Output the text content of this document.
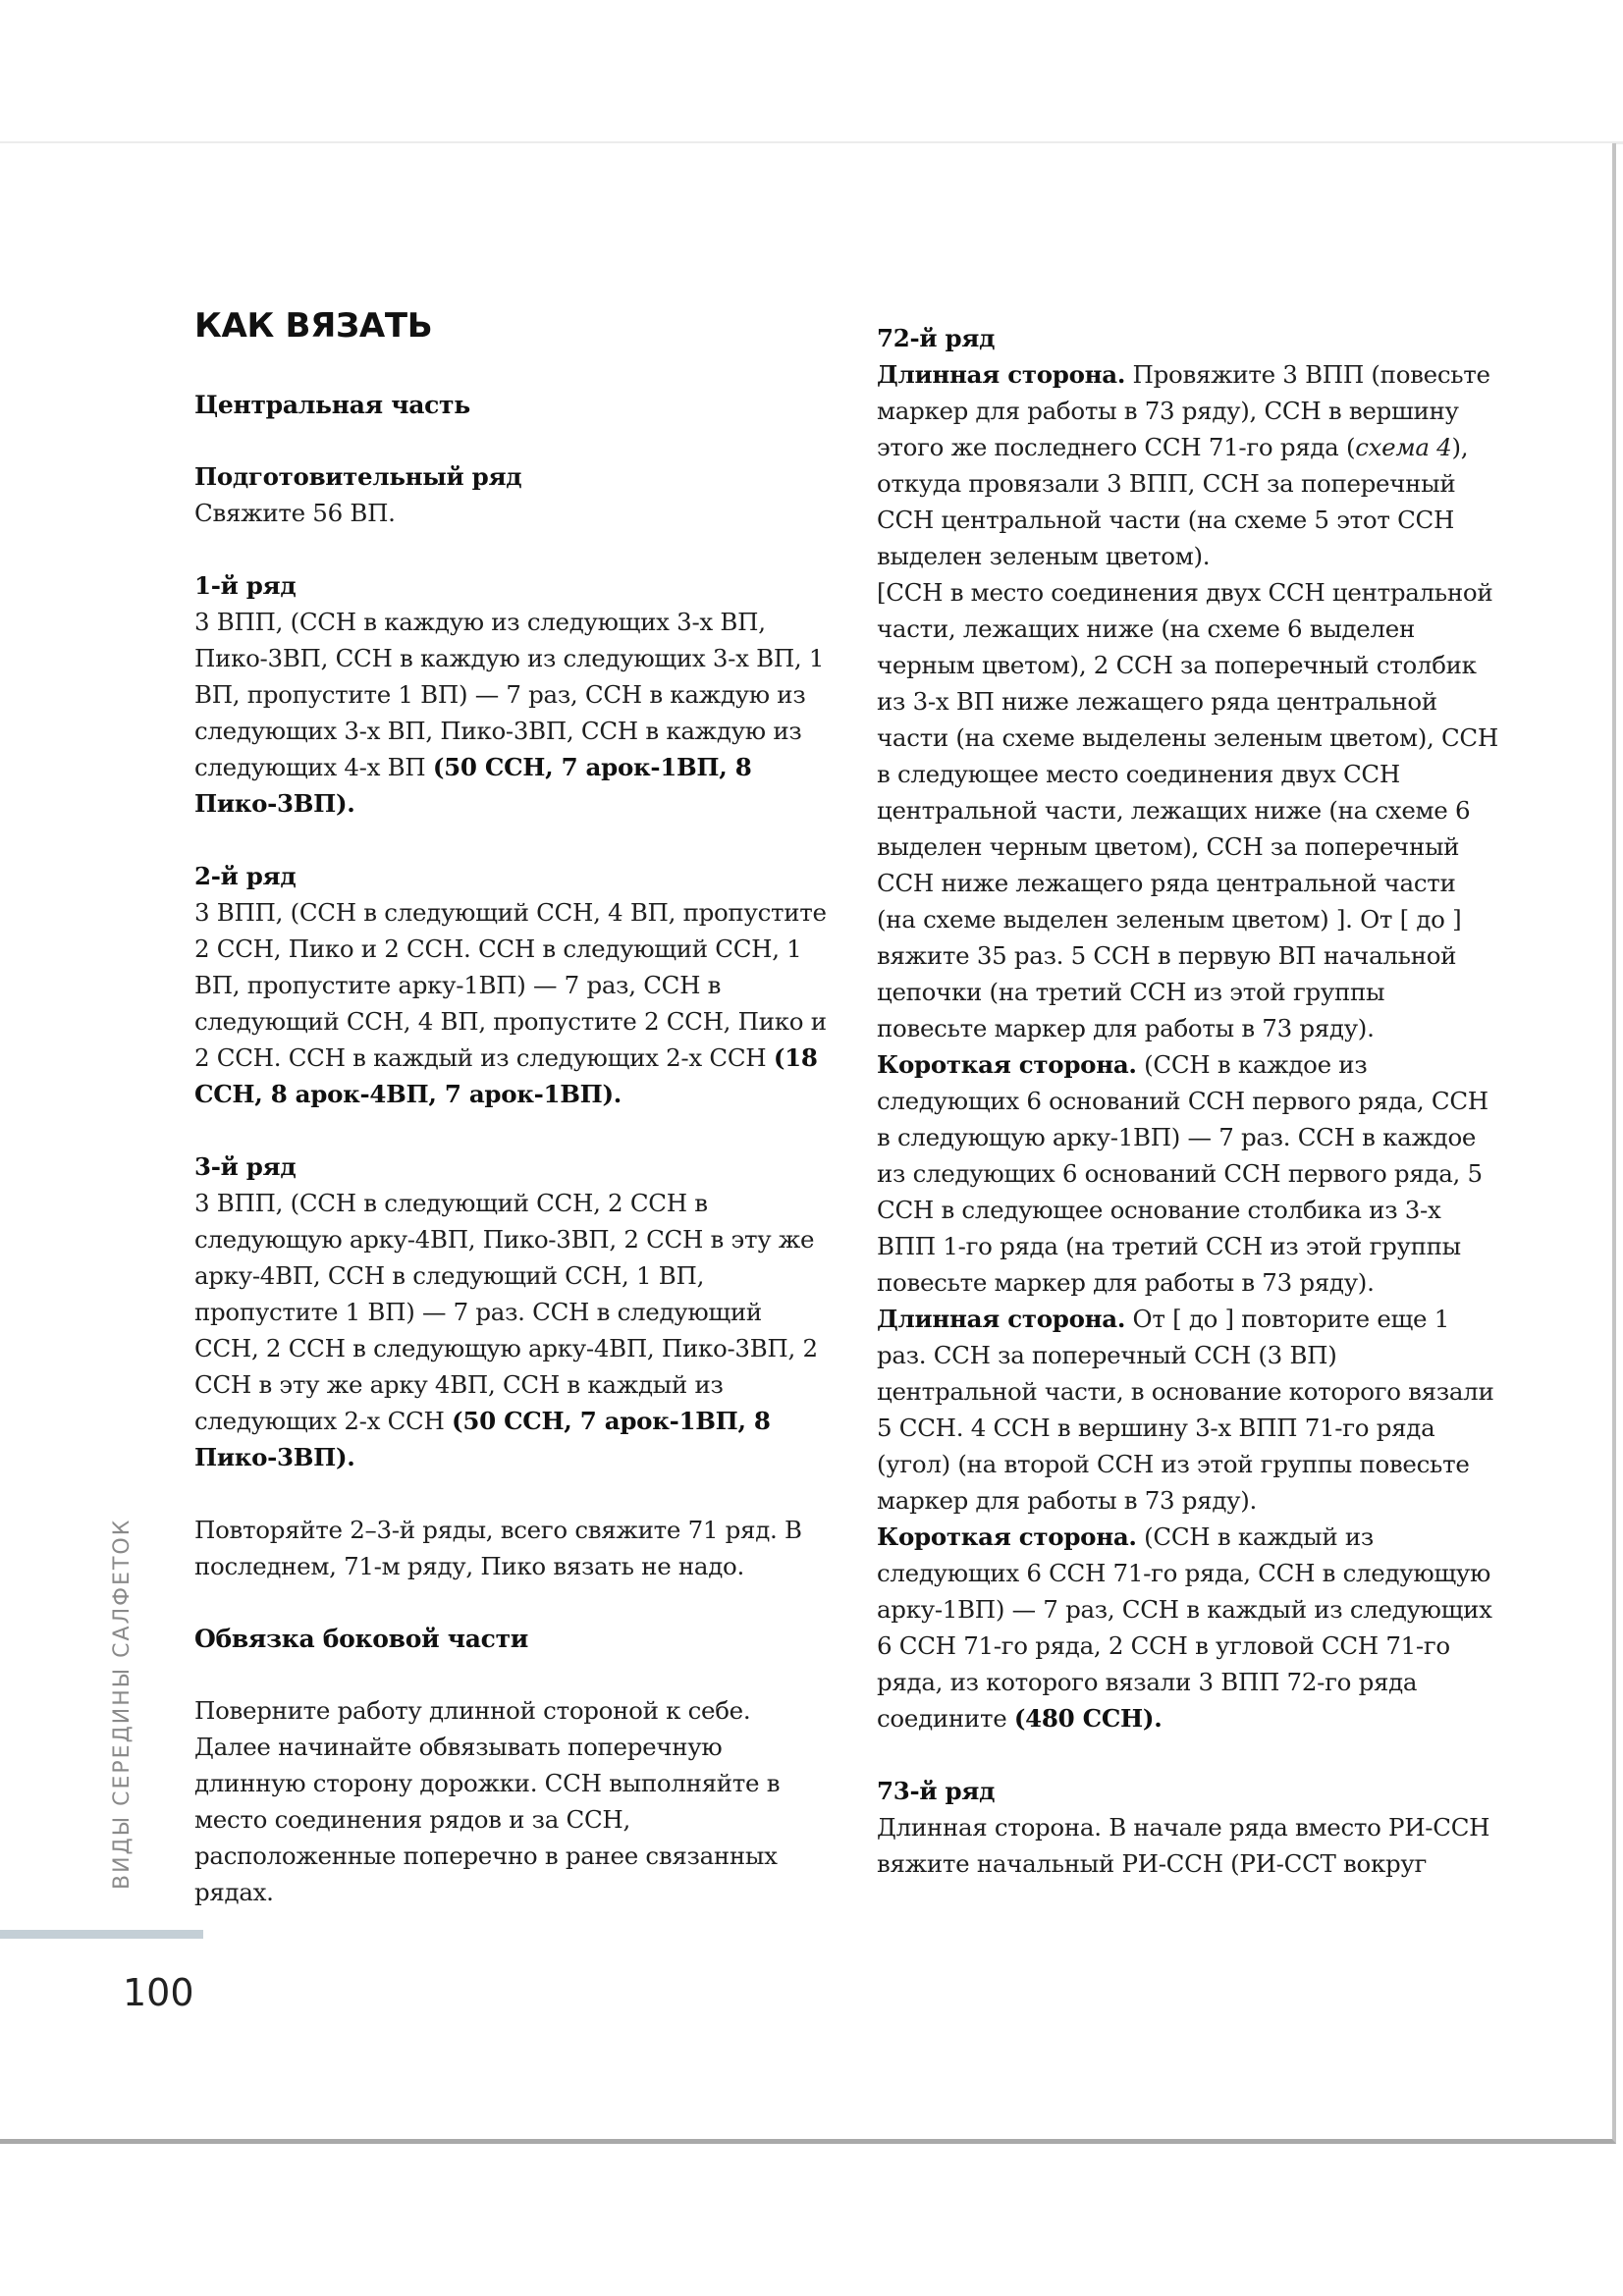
КАК ВЯЗАТЬ
Центральная часть
Подготовительный ряд

Свяжите 56 ВП.

1-й ряд

3 ВПП, (ССН в каждую из следующих 3-х ВП, Пико-3ВП, ССН в каждую из следующих 3-х ВП, 1 ВП, пропустите 1 ВП) — 7 раз, ССН в каждую из следующих 3-х ВП, Пико-3ВП, ССН в каждую из следующих 4-х ВП (50 ССН, 7 арок-1ВП, 8 Пико-3ВП).

2-й ряд

3 ВПП, (ССН в следующий ССН, 4 ВП, пропустите 2 ССН, Пико и 2 ССН. ССН в следующий ССН, 1 ВП, пропустите арку-1ВП) — 7 раз, ССН в следующий ССН, 4 ВП, пропустите 2 ССН, Пико и 2 ССН. ССН в каждый из следующих 2-х ССН (18 ССН, 8 арок-4ВП, 7 арок-1ВП).

3-й ряд

3 ВПП, (ССН в следующий ССН, 2 ССН в следующую арку-4ВП, Пико-3ВП, 2 ССН в эту же арку-4ВП, ССН в следующий ССН, 1 ВП, пропустите 1 ВП) — 7 раз. ССН в следующий ССН, 2 ССН в следующую арку-4ВП, Пико-3ВП, 2 ССН в эту же арку 4ВП, ССН в каждый из следующих 2-х ССН (50 ССН, 7 арок-1ВП, 8 Пико-3ВП).

Повторяйте 2–3-й ряды, всего свяжите 71 ряд. В последнем, 71-м ряду, Пико вязать не надо.

Обвязка боковой части

Поверните работу длинной стороной к себе. Далее начинайте обвязывать поперечную длинную сторону дорожки. ССН выполняйте в место соединения рядов и за ССН, расположенные поперечно в ранее связанных рядах.

72-й ряд

Длинная сторона. Провяжите 3 ВПП (повесьте маркер для работы в 73 ряду), ССН в вершину этого же последнего ССН 71-го ряда (схема 4), откуда провязали 3 ВПП, ССН за поперечный ССН центральной части (на схеме 5 этот ССН выделен зеленым цветом).

[ССН в место соединения двух ССН центральной части, лежащих ниже (на схеме 6 выделен черным цветом), 2 ССН за поперечный столбик из 3-х ВП ниже лежащего ряда центральной части (на схеме выделены зеленым цветом), ССН в следующее место соединения двух ССН центральной части, лежащих ниже (на схеме 6 выделен черным цветом), ССН за поперечный ССН ниже лежащего ряда центральной части (на схеме выделен зеленым цветом) ]. От [ до ] вяжите 35 раз. 5 ССН в первую ВП начальной цепочки (на третий ССН из этой группы повесьте маркер для работы в 73 ряду).

Короткая сторона. (ССН в каждое из следующих 6 оснований ССН первого ряда, ССН в следующую арку-1ВП) — 7 раз. ССН в каждое из следующих 6 оснований ССН первого ряда, 5 ССН в следующее основание столбика из 3-х ВПП 1-го ряда (на третий ССН из этой группы повесьте маркер для работы в 73 ряду).

Длинная сторона. От [ до ] повторите еще 1 раз. ССН за поперечный ССН (3 ВП) центральной части, в основание которого вязали 5 ССН. 4 ССН в вершину 3-х ВПП 71-го ряда (угол) (на второй ССН из этой группы повесьте маркер для работы в 73 ряду).

Короткая сторона. (ССН в каждый из следующих 6 ССН 71-го ряда, ССН в следующую арку-1ВП) — 7 раз, ССН в каждый из следующих 6 ССН 71-го ряда, 2 ССН в угловой ССН 71-го ряда, из которого вязали 3 ВПП 72-го ряда соедините (480 ССН).

73-й ряд

Длинная сторона. В начале ряда вместо РИ-ССН вяжите начальный РИ-ССН (РИ-ССТ вокруг

ВИДЫ СЕРЕДИНЫ САЛФЕТОК
100
